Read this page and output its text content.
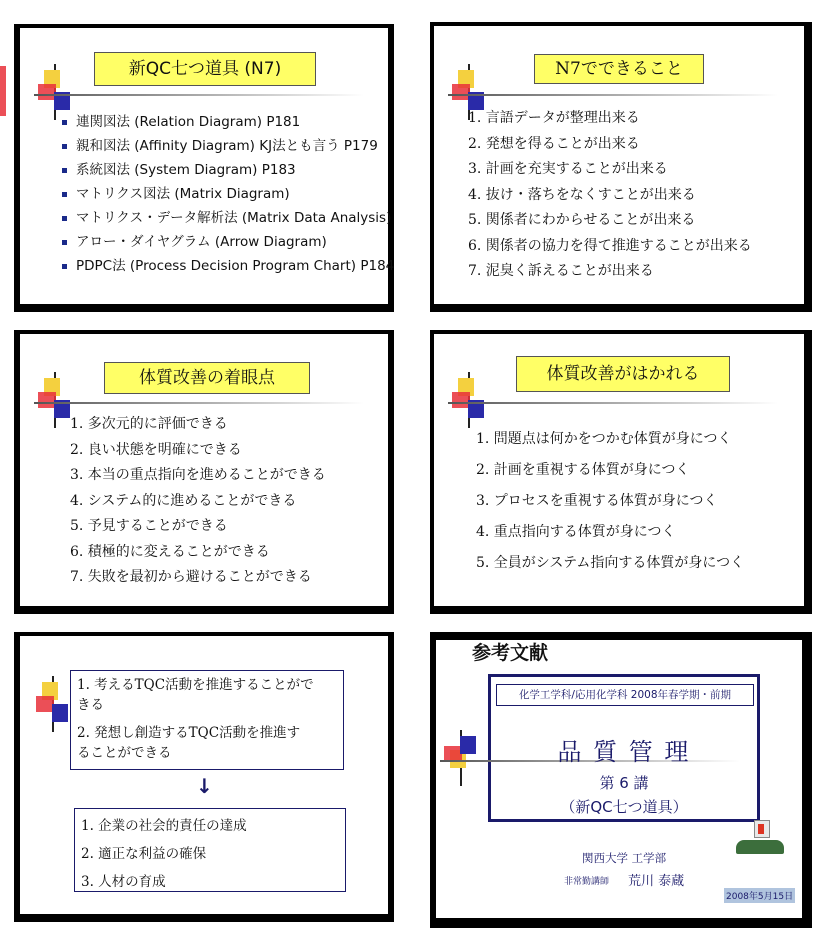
新QC七つ道具 (N7)
連関図法 (Relation Diagram) P181
親和図法 (Affinity Diagram) KJ法とも言う P179
系統図法 (System Diagram) P183
マトリクス図法 (Matrix Diagram)
マトリクス・データ解析法 (Matrix Data Analysis)
アロー・ダイヤグラム (Arrow Diagram)
PDPC法 (Process Decision Program Chart) P184
N7でできること
1. 言語データが整理出来る
2. 発想を得ることが出来る
3. 計画を充実することが出来る
4. 抜け・落ちをなくすことが出来る
5. 関係者にわからせることが出来る
6. 関係者の協力を得て推進することが出来る
7. 泥臭く訴えることが出来る
体質改善の着眼点
1. 多次元的に評価できる
2. 良い状態を明確にできる
3. 本当の重点指向を進めることができる
4. システム的に進めることができる
5. 予見することができる
6. 積極的に変えることができる
7. 失敗を最初から避けることができる
体質改善がはかれる
1. 問題点は何かをつかむ体質が身につく
2. 計画を重視する体質が身につく
3. プロセスを重視する体質が身につく
4. 重点指向する体質が身につく
5. 全員がシステム指向する体質が身につく
1. 考えるTQC活動を推進することがで
きる
2. 発想し創造するTQC活動を推進す
ることができる
↓
1. 企業の社会的責任の達成
2. 適正な利益の確保
3. 人材の育成
参考文献
化学工学科/応用化学科 2008年春学期・前期
品 質 管 理
第 6 講
（新QC七つ道具）
関西大学 工学部
非常勤講師 荒川 泰蔵
2008年5月15日
